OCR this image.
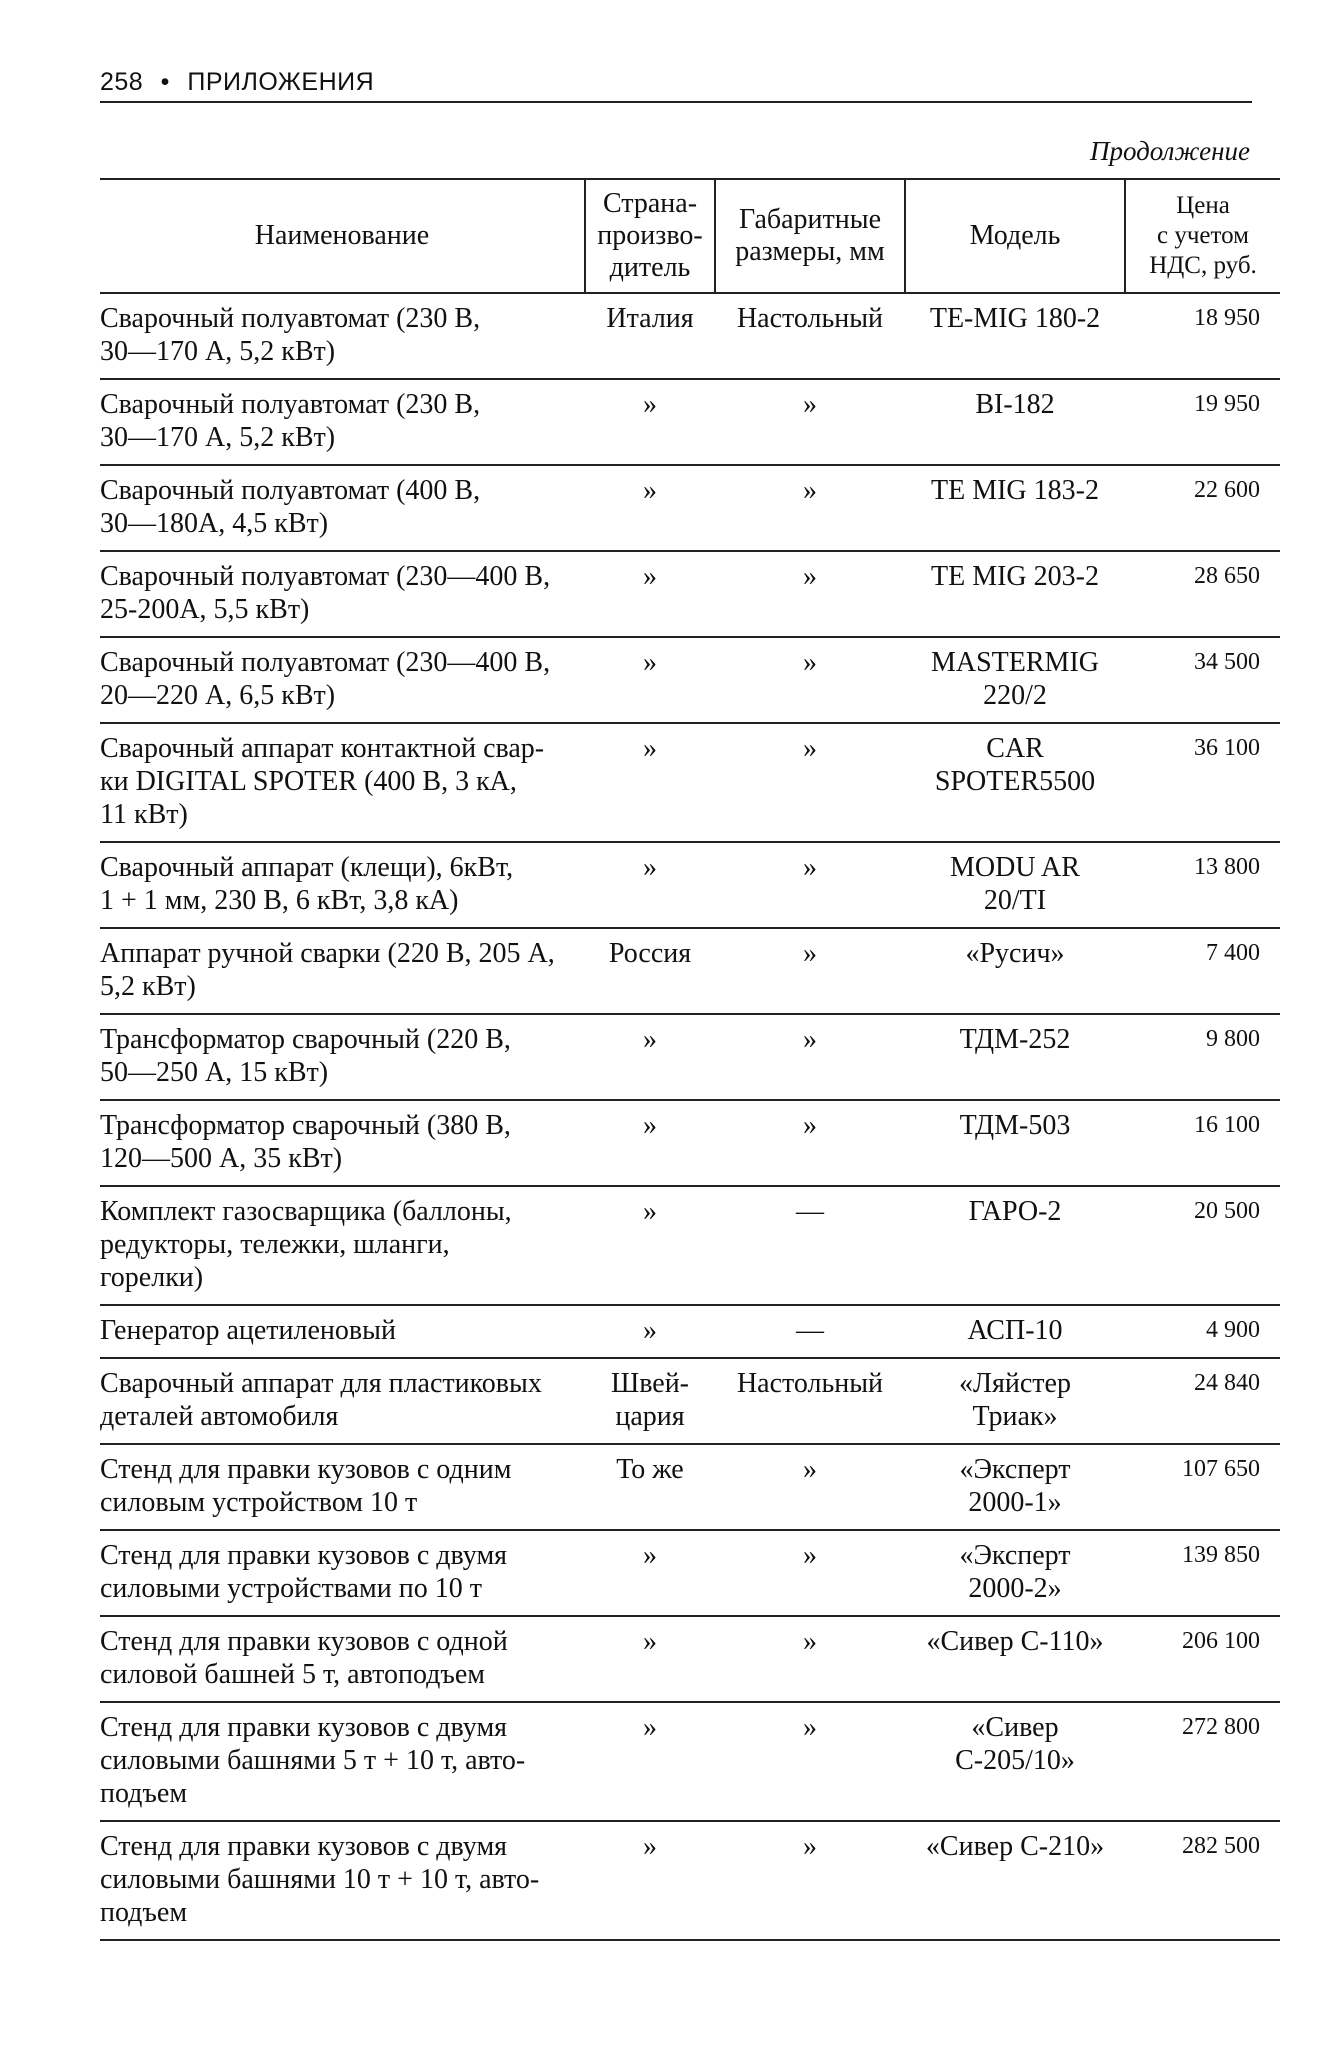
258 • ПРИЛОЖЕНИЯ
Продолжение
Наименование	Страна-
произво-
дитель	Габаритные
размеры, мм	Модель	Цена
с учетом
НДС, руб.
Сварочный полуавтомат (230 В,
30—170 А, 5,2 кВт)	Италия	Настольный	TE-MIG 180-2	18 950
Сварочный полуавтомат (230 В,
30—170 А, 5,2 кВт)	»	»	BI-182	19 950
Сварочный полуавтомат (400 В,
30—180А, 4,5 кВт)	»	»	TE MIG 183-2	22 600
Сварочный полуавтомат (230—400 В,
25-200А, 5,5 кВт)	»	»	TE MIG 203-2	28 650
Сварочный полуавтомат (230—400 В,
20—220 А, 6,5 кВт)	»	»	MASTERMIG
220/2	34 500
Сварочный аппарат контактной свар-
ки DIGITAL SPOTER (400 В, 3 кА,
11 кВт)	»	»	CAR
SPOTER5500	36 100
Сварочный аппарат (клещи), 6кВт,
1 + 1 мм, 230 В, 6 кВт, 3,8 кА)	»	»	MODU AR
20/TI	13 800
Аппарат ручной сварки (220 В, 205 А,
5,2 кВт)	Россия	»	«Русич»	7 400
Трансформатор сварочный (220 В,
50—250 А, 15 кВт)	»	»	ТДМ-252	9 800
Трансформатор сварочный (380 В,
120—500 А, 35 кВт)	»	»	ТДМ-503	16 100
Комплект газосварщика (баллоны,
редукторы, тележки, шланги,
горелки)	»	—	ГАРО-2	20 500
Генератор ацетиленовый	»	—	АСП-10	4 900
Сварочный аппарат для пластиковых
деталей автомобиля	Швей-
цария	Настольный	«Ляйстер
Триак»	24 840
Стенд для правки кузовов с одним
силовым устройством 10 т	То же	»	«Эксперт
2000-1»	107 650
Стенд для правки кузовов с двумя
силовыми устройствами по 10 т	»	»	«Эксперт
2000-2»	139 850
Стенд для правки кузовов с одной
силовой башней 5 т, автоподъем	»	»	«Сивер С-110»	206 100
Стенд для правки кузовов с двумя
силовыми башнями 5 т + 10 т, авто-
подъем	»	»	«Сивер
С-205/10»	272 800
Стенд для правки кузовов с двумя
силовыми башнями 10 т + 10 т, авто-
подъем	»	»	«Сивер С-210»	282 500
